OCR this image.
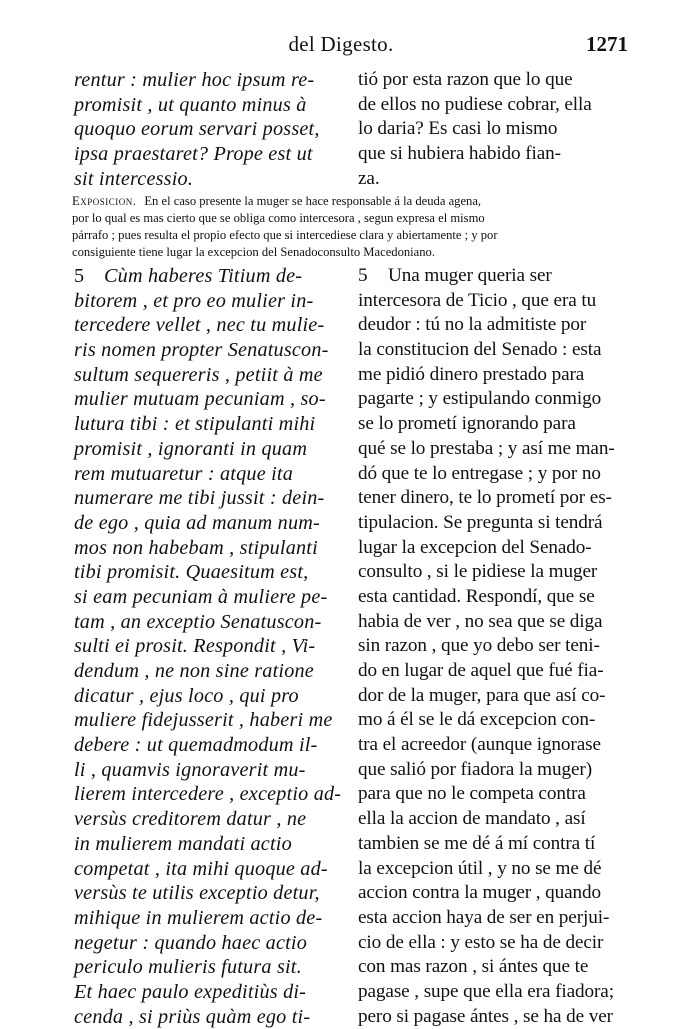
del Digesto.	1271
rentur : mulier hoc ipsum re-
promisit , ut quanto minus à
quoquo eorum servari posset,
ipsa praestaret? Prope est ut
sit intercessio.
tió por esta razon que lo que
de ellos no pudiese cobrar, ella
lo daria? Es casi lo mismo
que si hubiera habido fian-
za.
Exposicion. En el caso presente la muger se hace responsable á la deuda agena,
por lo qual es mas cierto que se obliga como intercesora , segun expresa el mismo
párrafo ; pues resulta el propio efecto que si intercediese clara y abiertamente ; y por
consiguiente tiene lugar la excepcion del Senadoconsulto Macedoniano.
5 Cùm haberes Titium de-
bitorem , et pro eo mulier in-
tercedere vellet , nec tu mulie-
ris nomen propter Senatuscon-
sultum sequereris , petiit à me
mulier mutuam pecuniam , so-
lutura tibi : et stipulanti mihi
promisit , ignoranti in quam
rem mutuaretur : atque ita
numerare me tibi jussit : dein-
de ego , quia ad manum num-
mos non habebam , stipulanti
tibi promisit. Quaesitum est,
si eam pecuniam à muliere pe-
tam , an exceptio Senatuscon-
sulti ei prosit. Respondit , Vi-
dendum , ne non sine ratione
dicatur , ejus loco , qui pro
muliere fidejusserit , haberi me
debere : ut quemadmodum il-
li , quamvis ignoraverit mu-
lierem intercedere , exceptio ad-
versùs creditorem datur , ne
in mulierem mandati actio
competat , ita mihi quoque ad-
versùs te utilis exceptio detur,
mihique in mulierem actio de-
negetur : quando haec actio
periculo mulieris futura sit.
Et haec paulo expeditiùs di-
cenda , si priùs quàm ego ti-
5 Una muger queria ser
intercesora de Ticio , que era tu
deudor : tú no la admitiste por
la constitucion del Senado : esta
me pidió dinero prestado para
pagarte ; y estipulando conmigo
se lo prometí ignorando para
qué se lo prestaba ; y así me man-
dó que te lo entregase ; y por no
tener dinero, te lo prometí por es-
tipulacion. Se pregunta si tendrá
lugar la excepcion del Senado-
consulto , si le pidiese la muger
esta cantidad. Respondí, que se
habia de ver , no sea que se diga
sin razon , que yo debo ser teni-
do en lugar de aquel que fué fia-
dor de la muger, para que así co-
mo á él se le dá excepcion con-
tra el acreedor (aunque ignorase
que salió por fiadora la muger)
para que no le competa contra
ella la accion de mandato , así
tambien se me dé á mí contra tí
la excepcion útil , y no se me dé
accion contra la muger , quando
esta accion haya de ser en perjui-
cio de ella : y esto se ha de decir
con mas razon , si ántes que te
pagase , supe que ella era fiadora;
pero si pagase ántes , se ha de ver
